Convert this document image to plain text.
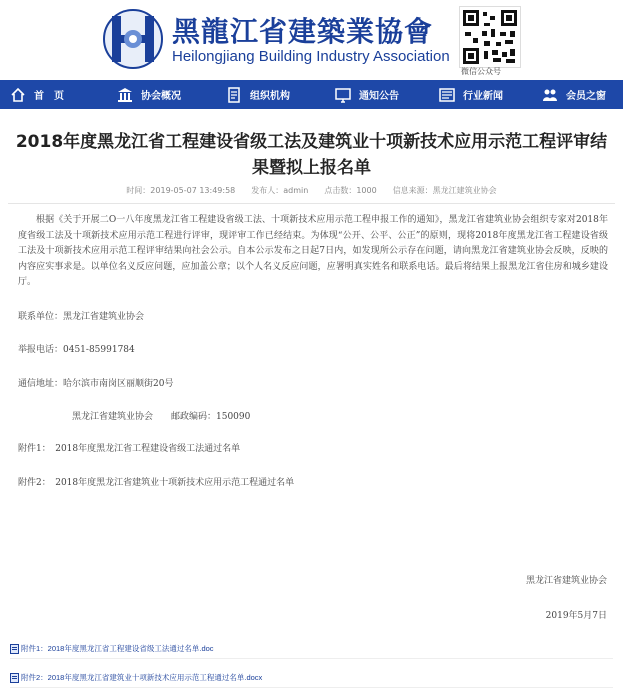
黑龍江省建築業協會
Heilongjiang Building Industry Association
微信公众号
首　页	协会概况	组织机构	通知公告	行业新闻	会员之窗
2018年度黑龙江省工程建设省级工法及建筑业十项新技术应用示范工程评审结果暨拟上报名单
时间：2019-05-07 13:49:58　　发布人：admin　　点击数：1000　　信息来源：黑龙江建筑业协会
根据《关于开展二O一八年度黑龙江省工程建设省级工法、十项新技术应用示范工程申报工作的通知》，黑龙江省建筑业协会组织专家对2018年度省级工法及十项新技术应用示范工程进行评审，现评审工作已经结束。为体现“公开、公平、公正”的原则，现将2018年度黑龙江省工程建设省级工法及十项新技术应用示范工程评审结果向社会公示。自本公示发布之日起7日内，如发现所公示存在问题，请向黑龙江省建筑业协会反映，反映的内容应实事求是。以单位名义反应问题，应加盖公章；以个人名义反应问题，应署明真实姓名和联系电话。最后将结果上报黑龙江省住房和城乡建设厅。
联系单位：黑龙江省建筑业协会
举报电话：0451-85991784
通信地址：哈尔滨市南岗区丽顺街20号
黑龙江省建筑业协会　　邮政编码：150090
附件1：　2018年度黑龙江省工程建设省级工法通过名单
附件2：　2018年度黑龙江省建筑业十项新技术应用示范工程通过名单
黑龙江省建筑业协会
2019年5月7日
附件1：2018年度黑龙江省工程建设省级工法通过名单.doc
附件2：2018年度黑龙江省建筑业十项新技术应用示范工程通过名单.docx
